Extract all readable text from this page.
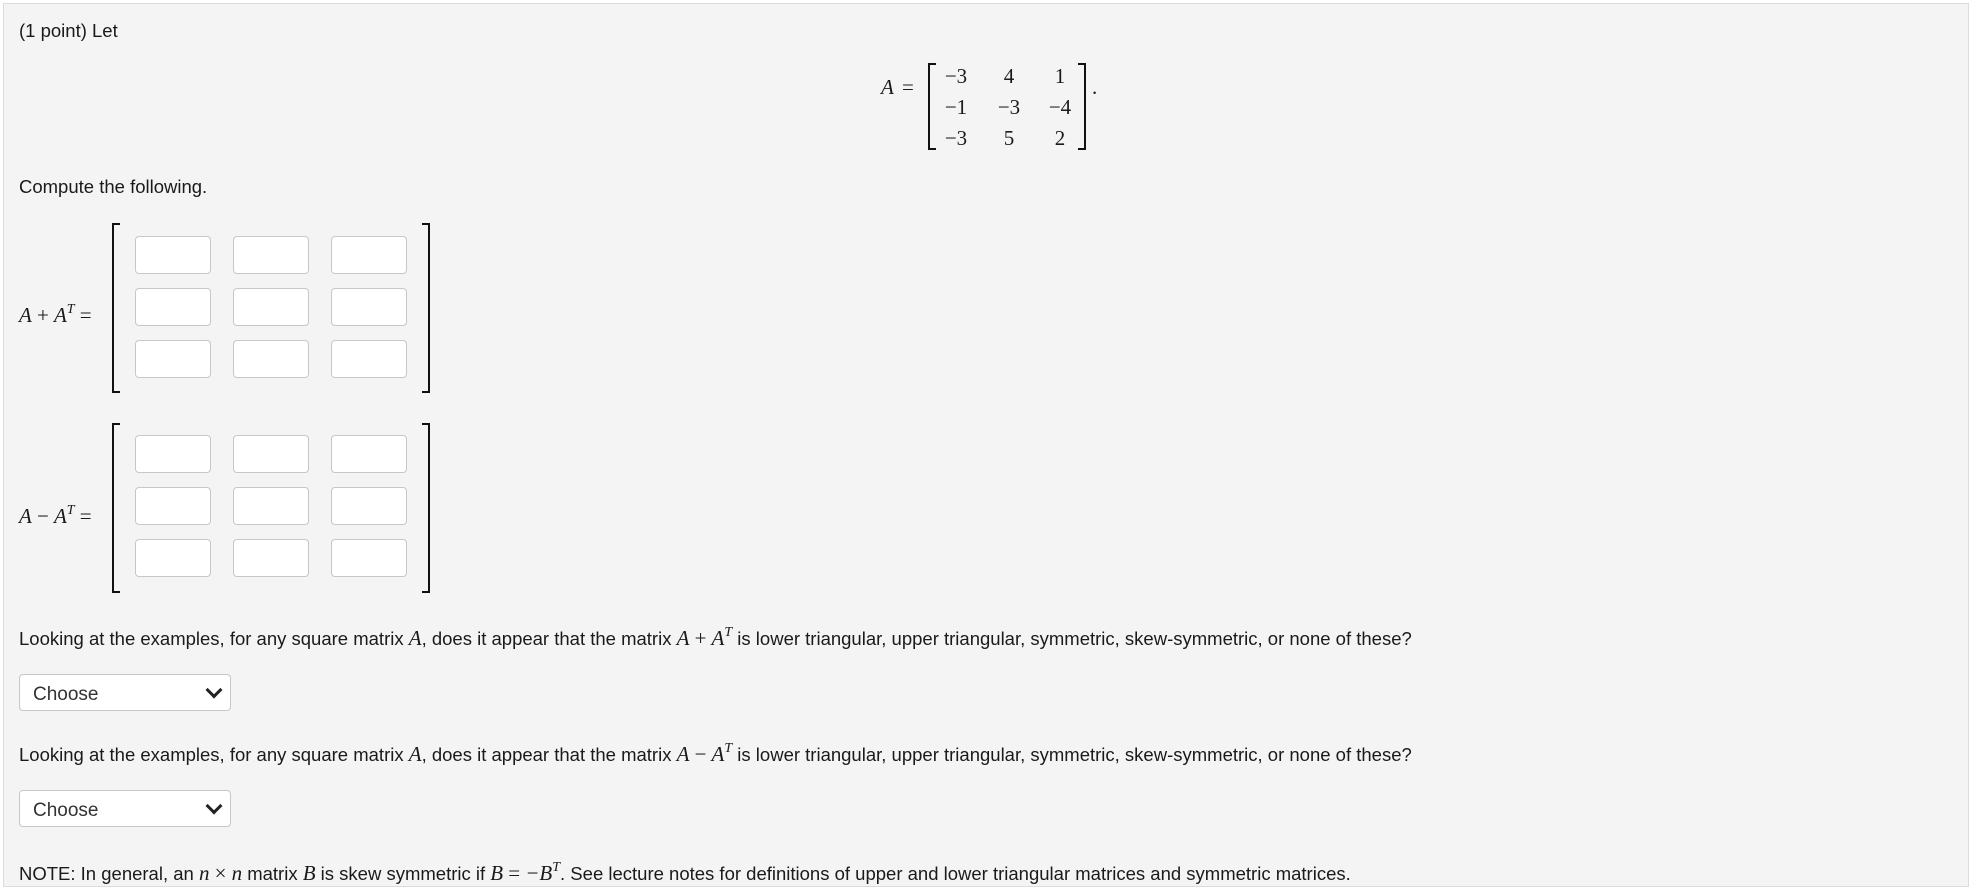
(1 point) Let
A =	.
−3	4	1
−1	−3	−4
−3	5	2
Compute the following.
$A + A^T$ =
$A - A^T$ =
Looking at the examples, for any square matrix A, does it appear that the matrix $A + A^T$ is lower triangular, upper triangular, symmetric, skew-symmetric, or none of these?
Choose
Looking at the examples, for any square matrix A, does it appear that the matrix $A - A^T$ is lower triangular, upper triangular, symmetric, skew-symmetric, or none of these?
Choose
NOTE: In general, an n × n matrix B is skew symmetric if $B = -B^T$. See lecture notes for definitions of upper and lower triangular matrices and symmetric matrices.
